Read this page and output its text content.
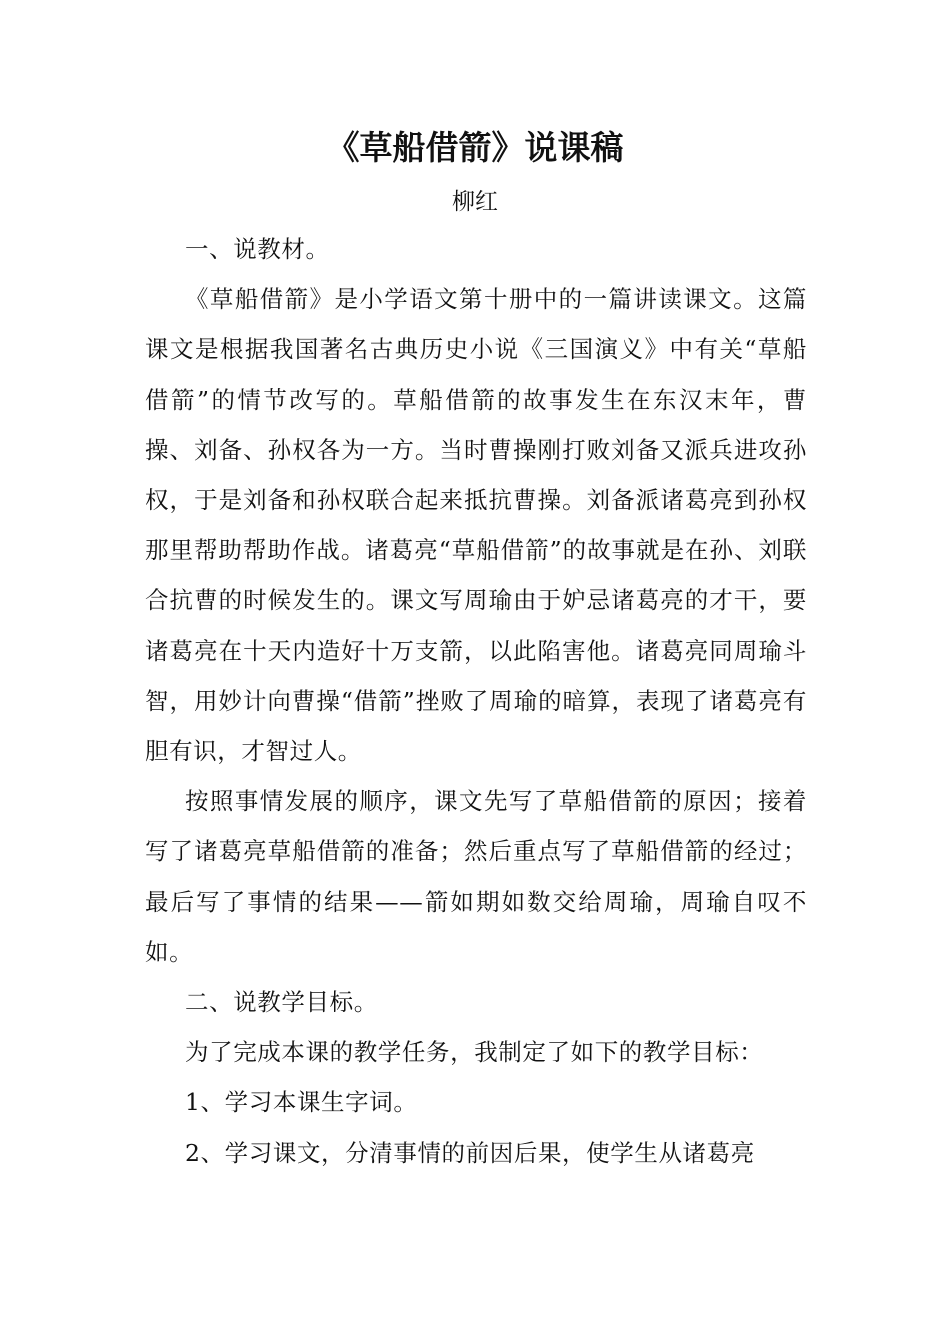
《草船借箭》说课稿

柳红

一、说教材。

《草船借箭》是小学语文第十册中的一篇讲读课文。这篇课文是根据我国著名古典历史小说《三国演义》中有关“草船借箭”的情节改写的。草船借箭的故事发生在东汉末年，曹操、刘备、孙权各为一方。当时曹操刚打败刘备又派兵进攻孙权，于是刘备和孙权联合起来抵抗曹操。刘备派诸葛亮到孙权那里帮助帮助作战。诸葛亮“草船借箭”的故事就是在孙、刘联合抗曹的时候发生的。课文写周瑜由于妒忌诸葛亮的才干，要诸葛亮在十天内造好十万支箭，以此陷害他。诸葛亮同周瑜斗智，用妙计向曹操“借箭”挫败了周瑜的暗算，表现了诸葛亮有胆有识，才智过人。

按照事情发展的顺序，课文先写了草船借箭的原因；接着写了诸葛亮草船借箭的准备；然后重点写了草船借箭的经过；最后写了事情的结果——箭如期如数交给周瑜，周瑜自叹不如。

二、说教学目标。

为了完成本课的教学任务，我制定了如下的教学目标：

1、学习本课生字词。

2、学习课文，分清事情的前因后果，使学生从诸葛亮
